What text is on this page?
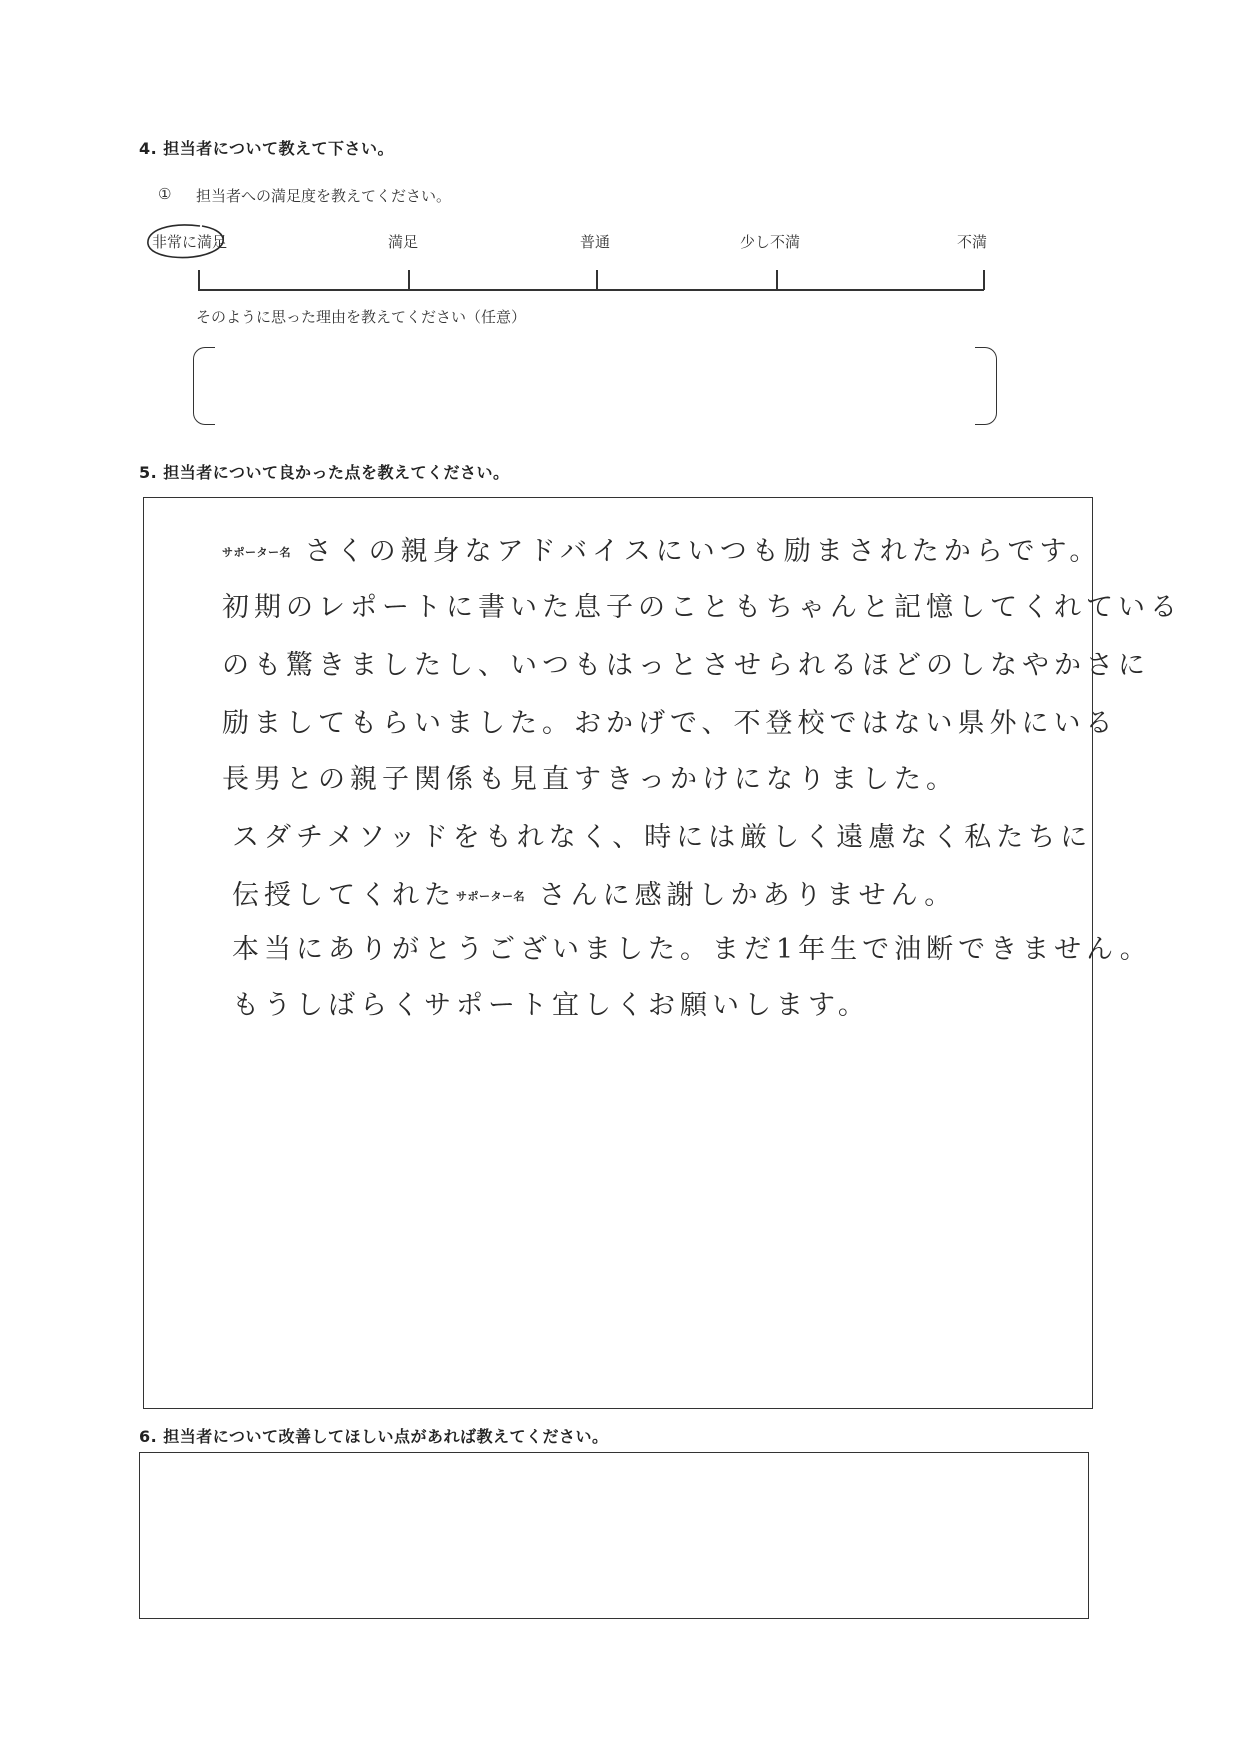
4. 担当者について教えて下さい。
① 担当者への満足度を教えてください。
非常に満足	満足	普通	少し不満	不満
そのように思った理由を教えてください（任意）
5. 担当者について良かった点を教えてください。
サポーター名 さくの親身なアドバイスにいつも励まされたからです。
初期のレポートに書いた息子のこともちゃんと記憶してくれている
のも驚きましたし、いつもはっとさせられるほどのしなやかさに
励ましてもらいました。おかげで、不登校ではない県外にいる
長男との親子関係も見直すきっかけになりました。
スダチメソッドをもれなく、時には厳しく遠慮なく私たちに
伝授してくれたサポーター名 さんに感謝しかありません。
本当にありがとうございました。まだ1年生で油断できません。
もうしばらくサポート宜しくお願いします。
6. 担当者について改善してほしい点があれば教えてください。
